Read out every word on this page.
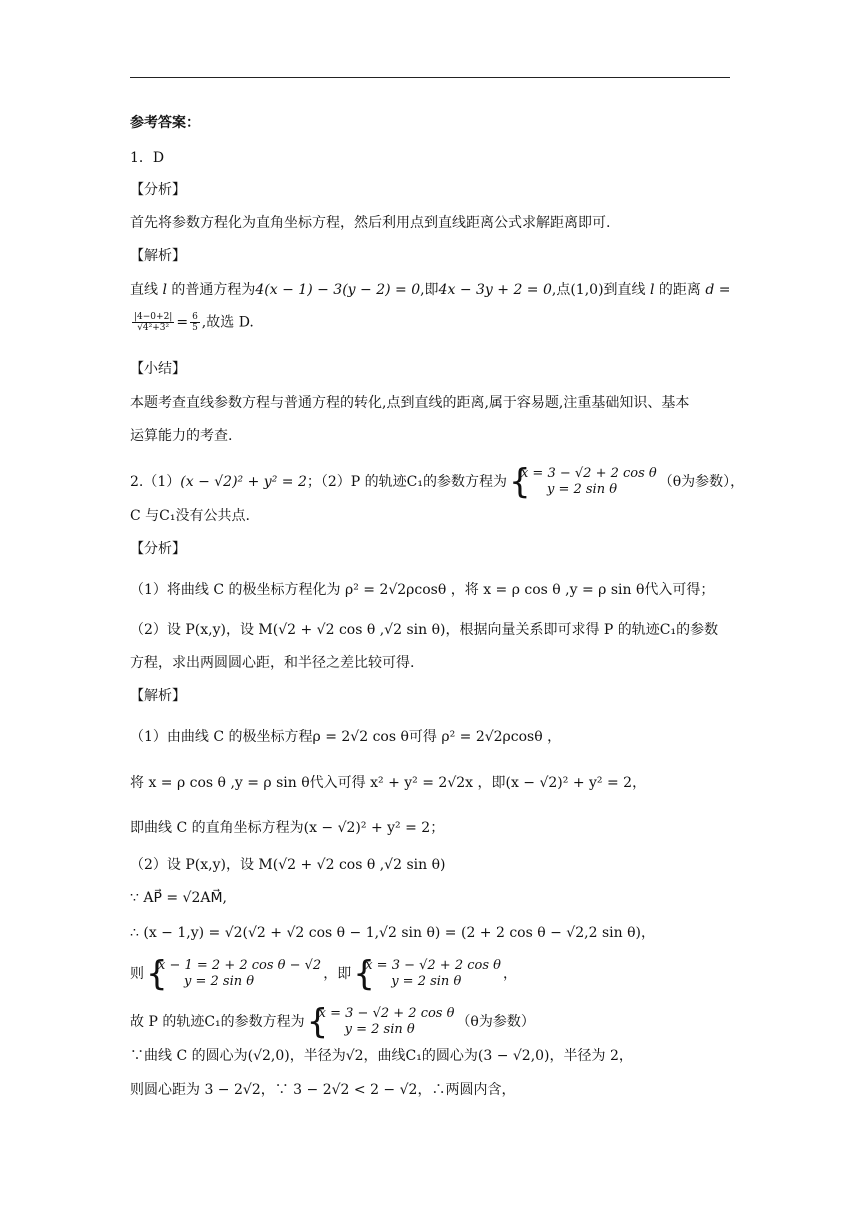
参考答案：
1．D
【分析】
首先将参数方程化为直角坐标方程，然后利用点到直线距离公式求解距离即可.
【解析】
直线 l 的普通方程为4(x − 1) − 3(y − 2) = 0,即4x − 3y + 2 = 0,点(1,0)到直线 l 的距离 d =
$\frac{|4-0+2|}{\text{√4²+3²}} = \frac{6}{5}$ ,故选 D.
【小结】
本题考查直线参数方程与普通方程的转化,点到直线的距离,属于容易题,注重基础知识、基本
运算能力的考查.
2.（1）(x − √2)² + y² = 2；（2）P 的轨迹C₁的参数方程为 {
x = 3 − √2 + 2 cos θ
y = 2 sin θ	（θ为参数），
C 与C₁没有公共点.
【分析】
（1）将曲线 C 的极坐标方程化为 ρ² = 2√2ρcosθ ，将 x = ρ cos θ ,y = ρ sin θ代入可得；
（2）设 P(x,y)，设 M(√2 + √2 cos θ ,√2 sin θ)，根据向量关系即可求得 P 的轨迹C₁的参数
方程，求出两圆圆心距，和半径之差比较可得.
【解析】
（1）由曲线 C 的极坐标方程ρ = 2√2 cos θ可得 ρ² = 2√2ρcosθ ，
将 x = ρ cos θ ,y = ρ sin θ代入可得 x² + y² = 2√2x ，即(x − √2)² + y² = 2，
即曲线 C 的直角坐标方程为(x − √2)² + y² = 2；
（2）设 P(x,y)，设 M(√2 + √2 cos θ ,√2 sin θ)
∵ AP⃗ = √2AM⃗,
∴ (x − 1,y) = √2(√2 + √2 cos θ − 1,√2 sin θ) = (2 + 2 cos θ − √2,2 sin θ)，
则 {
x − 1 = 2 + 2 cos θ − √2
y = 2 sin θ	，即 {
x = 3 − √2 + 2 cos θ
y = 2 sin θ	，
故 P 的轨迹C₁的参数方程为 {
x = 3 − √2 + 2 cos θ
y = 2 sin θ	（θ为参数）
∵曲线 C 的圆心为(√2,0)，半径为√2，曲线C₁的圆心为(3 − √2,0)，半径为 2，
则圆心距为 3 − 2√2，∵ 3 − 2√2 < 2 − √2，∴两圆内含，
